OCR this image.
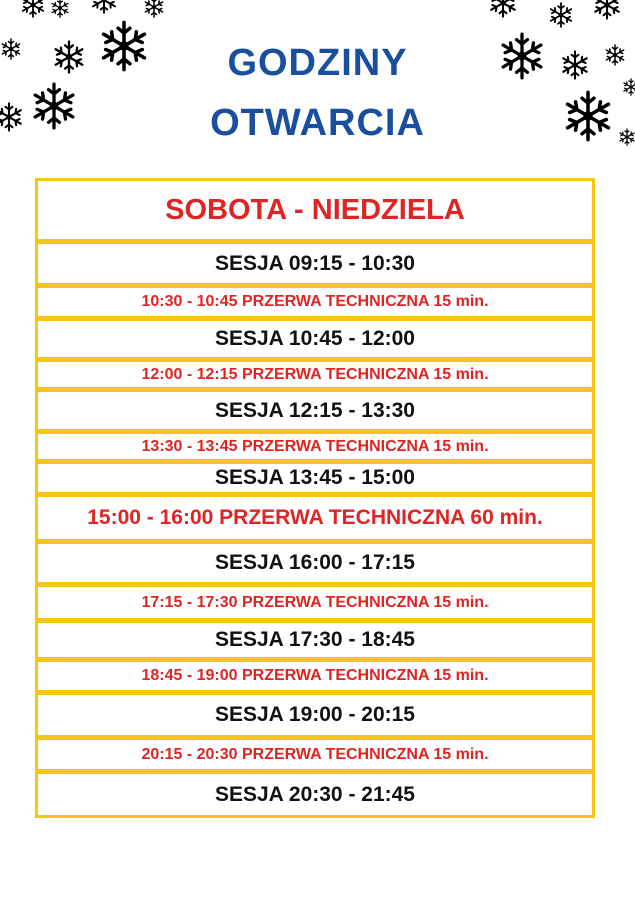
GODZINY
OTWARCIA
SOBOTA - NIEDZIELA
SESJA 09:15 - 10:30
10:30 - 10:45 PRZERWA TECHNICZNA 15 min.
SESJA 10:45 - 12:00
12:00 - 12:15 PRZERWA TECHNICZNA 15 min.
SESJA 12:15 - 13:30
13:30 - 13:45 PRZERWA TECHNICZNA 15 min.
SESJA 13:45 - 15:00
15:00 - 16:00 PRZERWA TECHNICZNA 60 min.
SESJA 16:00 - 17:15
17:15 - 17:30 PRZERWA TECHNICZNA 15 min.
SESJA 17:30 - 18:45
18:45 - 19:00 PRZERWA TECHNICZNA 15 min.
SESJA 19:00 - 20:15
20:15 - 20:30 PRZERWA TECHNICZNA 15 min.
SESJA 20:30 - 21:45
